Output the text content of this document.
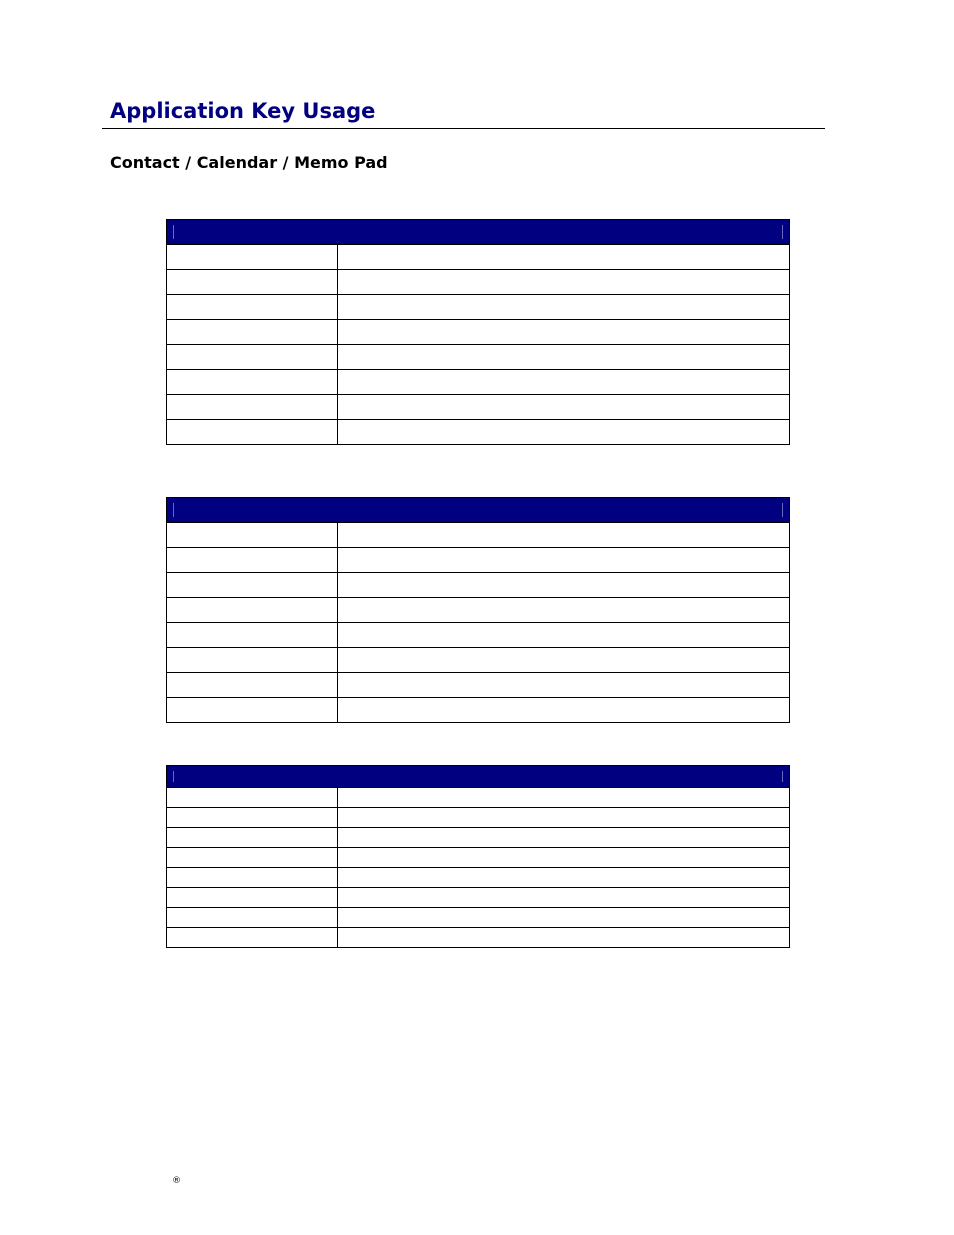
Application Key Usage
Contact / Calendar / Memo Pad

®
